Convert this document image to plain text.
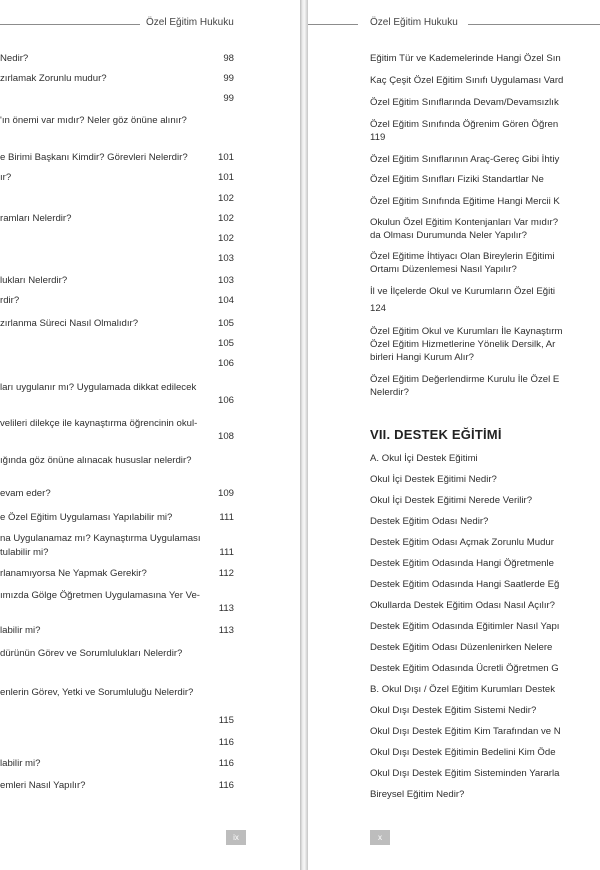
Özel Eğitim Hukuku
Nedir?	98
zırlamak Zorunlu mudur?	99
99
'ın önemi var mıdır? Neler göz önüne alınır?
e Birimi Başkanı Kimdir? Görevleri Nelerdir?	101
ır?	101
102
ramları Nelerdir?	102
102
103
lukları Nelerdir?	103
rdir?	104
zırlanma Süreci Nasıl Olmalıdır?	105
105
106
ları uygulanır mı? Uygulamada dikkat edilecek
106
velileri dilekçe ile kaynaştırma öğrencinin okul-
108
ığında göz önüne alınacak hususlar nelerdir?
evam eder?	109
e Özel Eğitim Uygulaması Yapılabilir mi?	111
na Uygulanamaz mı? Kaynaştırma Uygulaması
tulabilir mi?	111
rlanamıyorsa Ne Yapmak Gerekir?	112
ımızda Gölge Öğretmen Uygulamasına Yer Ve-
113
labilir mi?	113
dürünün Görev ve Sorumlulukları Nelerdir?
enlerin Görev, Yetki ve Sorumluluğu Nelerdir?
115
116
labilir mi?	116
emleri Nasıl Yapılır?	116
ix
Özel Eğitim Hukuku
Eğitim Tür ve Kademelerinde Hangi Özel Sın
Kaç Çeşit Özel Eğitim Sınıfı Uygulaması Vard
Özel Eğitim Sınıflarında Devam/Devamsızlık
Özel Eğitim Sınıfında Öğrenim Gören Öğren
119
Özel Eğitim Sınıflarının Araç-Gereç Gibi İhtiy
Özel Eğitim Sınıfları Fiziki Standartlar Ne
Özel Eğitim Sınıfında Eğitime Hangi Mercii K
Okulun Özel Eğitim Kontenjanları Var mıdır?
da Olması Durumunda Neler Yapılır?
Özel Eğitime İhtiyacı Olan Bireylerin Eğitimi
Ortamı Düzenlemesi Nasıl Yapılır?
İl ve İlçelerde Okul ve Kurumların Özel Eğiti
124
Özel Eğitim Okul ve Kurumları İle Kaynaştırm
Özel Eğitim Hizmetlerine Yönelik Dersilk, Ar
birleri Hangi Kurum Alır?
Özel Eğitim Değerlendirme Kurulu İle Özel E
Nelerdir?
VII. DESTEK EĞİTİMİ
A. Okul İçi Destek Eğitimi
Okul İçi Destek Eğitimi Nedir?
Okul İçi Destek Eğitimi Nerede Verilir?
Destek Eğitim Odası Nedir?
Destek Eğitim Odası Açmak Zorunlu Mudur
Destek Eğitim Odasında Hangi Öğretmenle
Destek Eğitim Odasında Hangi Saatlerde Eğ
Okullarda Destek Eğitim Odası Nasıl Açılır?
Destek Eğitim Odasında Eğitimler Nasıl Yapı
Destek Eğitim Odası Düzenlenirken Nelere
Destek Eğitim Odasında Ücretli Öğretmen G
B. Okul Dışı / Özel Eğitim Kurumları Destek
Okul Dışı Destek Eğitim Sistemi Nedir?
Okul Dışı Destek Eğitim Kim Tarafından ve N
Okul Dışı Destek Eğitimin Bedelini Kim Öde
Okul Dışı Destek Eğitim Sisteminden Yararla
Bireysel Eğitim Nedir?
x
